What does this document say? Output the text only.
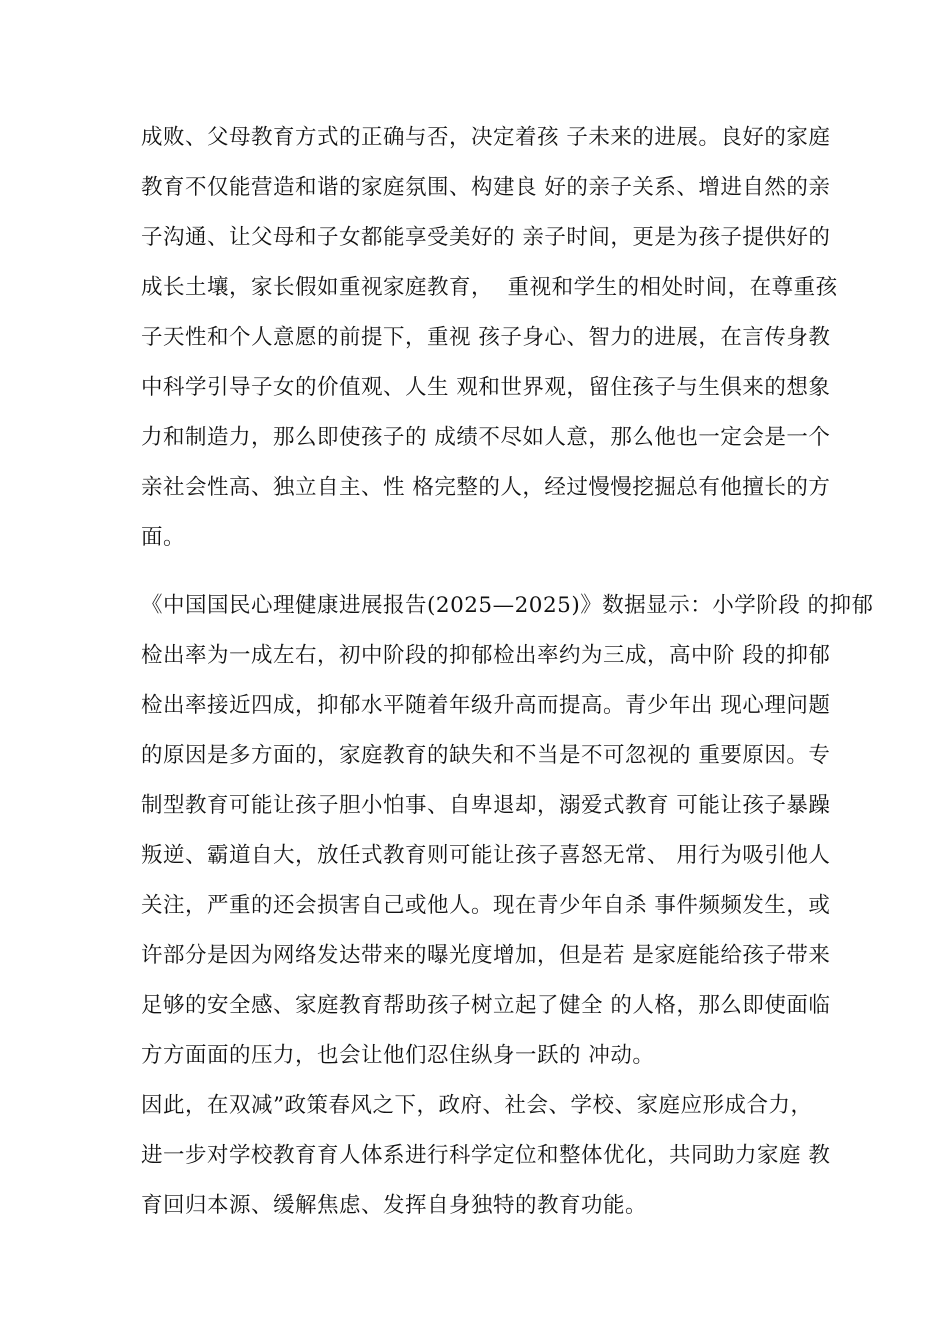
成败、父母教育方式的正确与否，决定着孩 子未来的进展。良好的家庭
教育不仅能营造和谐的家庭氛围、构建良 好的亲子关系、增进自然的亲
子沟通、让父母和子女都能享受美好的 亲子时间，更是为孩子提供好的
成长土壤，家长假如重视家庭教育，  重视和学生的相处时间，在尊重孩
子天性和个人意愿的前提下，重视 孩子身心、智力的进展，在言传身教
中科学引导子女的价值观、人生 观和世界观，留住孩子与生俱来的想象
力和制造力，那么即使孩子的 成绩不尽如人意，那么他也一定会是一个
亲社会性高、独立自主、性 格完整的人，经过慢慢挖掘总有他擅长的方
面。
《中国国民心理健康进展报告(2025—2025)》数据显示：小学阶段 的抑郁
检出率为一成左右，初中阶段的抑郁检出率约为三成，高中阶 段的抑郁
检出率接近四成，抑郁水平随着年级升高而提高。青少年出 现心理问题
的原因是多方面的，家庭教育的缺失和不当是不可忽视的 重要原因。专
制型教育可能让孩子胆小怕事、自卑退却，溺爱式教育 可能让孩子暴躁
叛逆、霸道自大，放任式教育则可能让孩子喜怒无常、 用行为吸引他人
关注，严重的还会损害自己或他人。现在青少年自杀 事件频频发生，或
许部分是因为网络发达带来的曝光度增加，但是若 是家庭能给孩子带来
足够的安全感、家庭教育帮助孩子树立起了健全 的人格，那么即使面临
方方面面的压力，也会让他们忍住纵身一跃的 冲动。
因此，在双减”政策春风之下，政府、社会、学校、家庭应形成合力，
进一步对学校教育育人体系进行科学定位和整体优化，共同助力家庭 教
育回归本源、缓解焦虑、发挥自身独特的教育功能。
